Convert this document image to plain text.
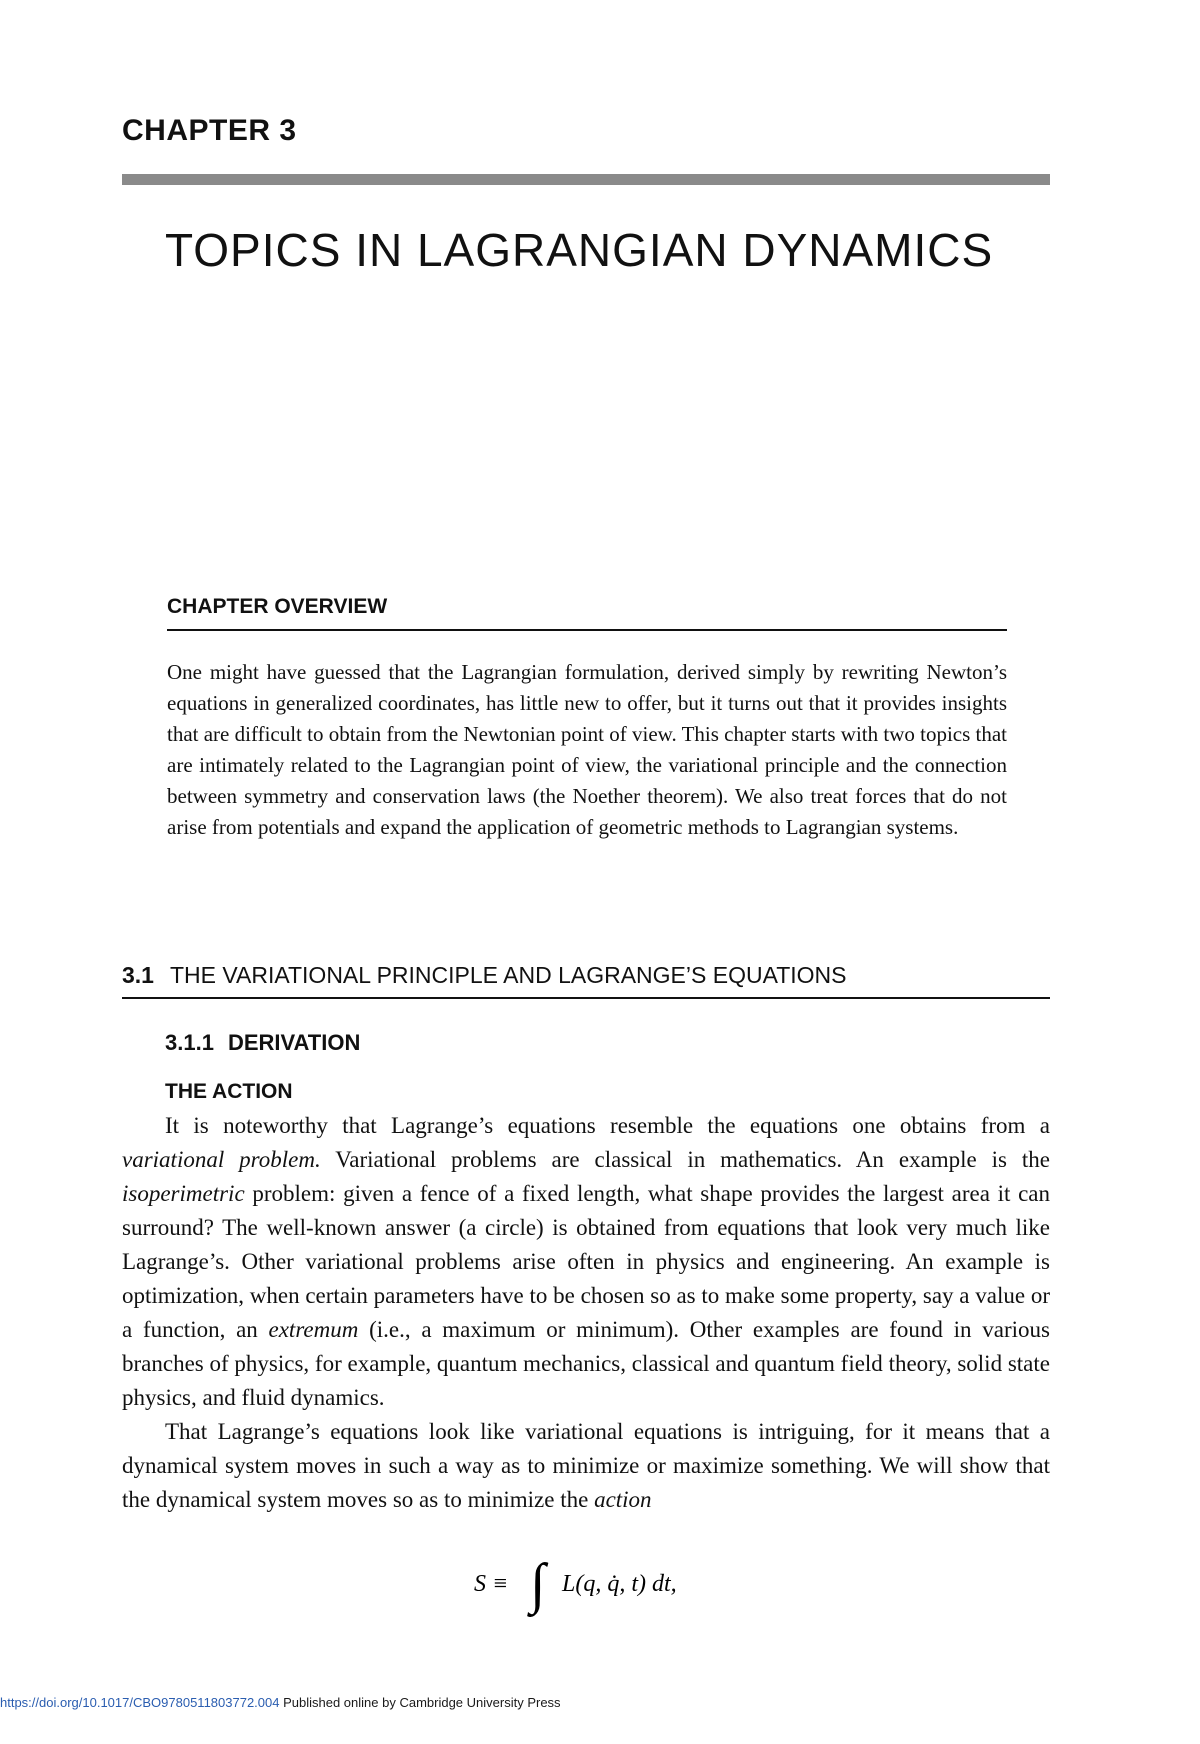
CHAPTER 3
TOPICS IN LAGRANGIAN DYNAMICS
CHAPTER OVERVIEW
One might have guessed that the Lagrangian formulation, derived simply by rewriting Newton’s equations in generalized coordinates, has little new to offer, but it turns out that it provides insights that are difficult to obtain from the Newtonian point of view. This chapter starts with two topics that are intimately related to the Lagrangian point of view, the variational principle and the connection between symmetry and conservation laws (the Noether theorem). We also treat forces that do not arise from potentials and expand the application of geometric methods to Lagrangian systems.
3.1 THE VARIATIONAL PRINCIPLE AND LAGRANGE’S EQUATIONS
3.1.1 DERIVATION
THE ACTION

It is noteworthy that Lagrange’s equations resemble the equations one obtains from a variational problem. Variational problems are classical in mathematics. An example is the isoperimetric problem: given a fence of a fixed length, what shape provides the largest area it can surround? The well-known answer (a circle) is obtained from equations that look very much like Lagrange’s. Other variational problems arise often in physics and engineering. An example is optimization, when certain parameters have to be chosen so as to make some property, say a value or a function, an extremum (i.e., a maximum or minimum). Other examples are found in various branches of physics, for example, quantum mechanics, classical and quantum field theory, solid state physics, and fluid dynamics.

That Lagrange’s equations look like variational equations is intriguing, for it means that a dynamical system moves in such a way as to minimize or maximize something. We will show that the dynamical system moves so as to minimize the action

S ≡ ∫ L(q, q̇, t) dt,
https://doi.org/10.1017/CBO9780511803772.004 Published online by Cambridge University Press
